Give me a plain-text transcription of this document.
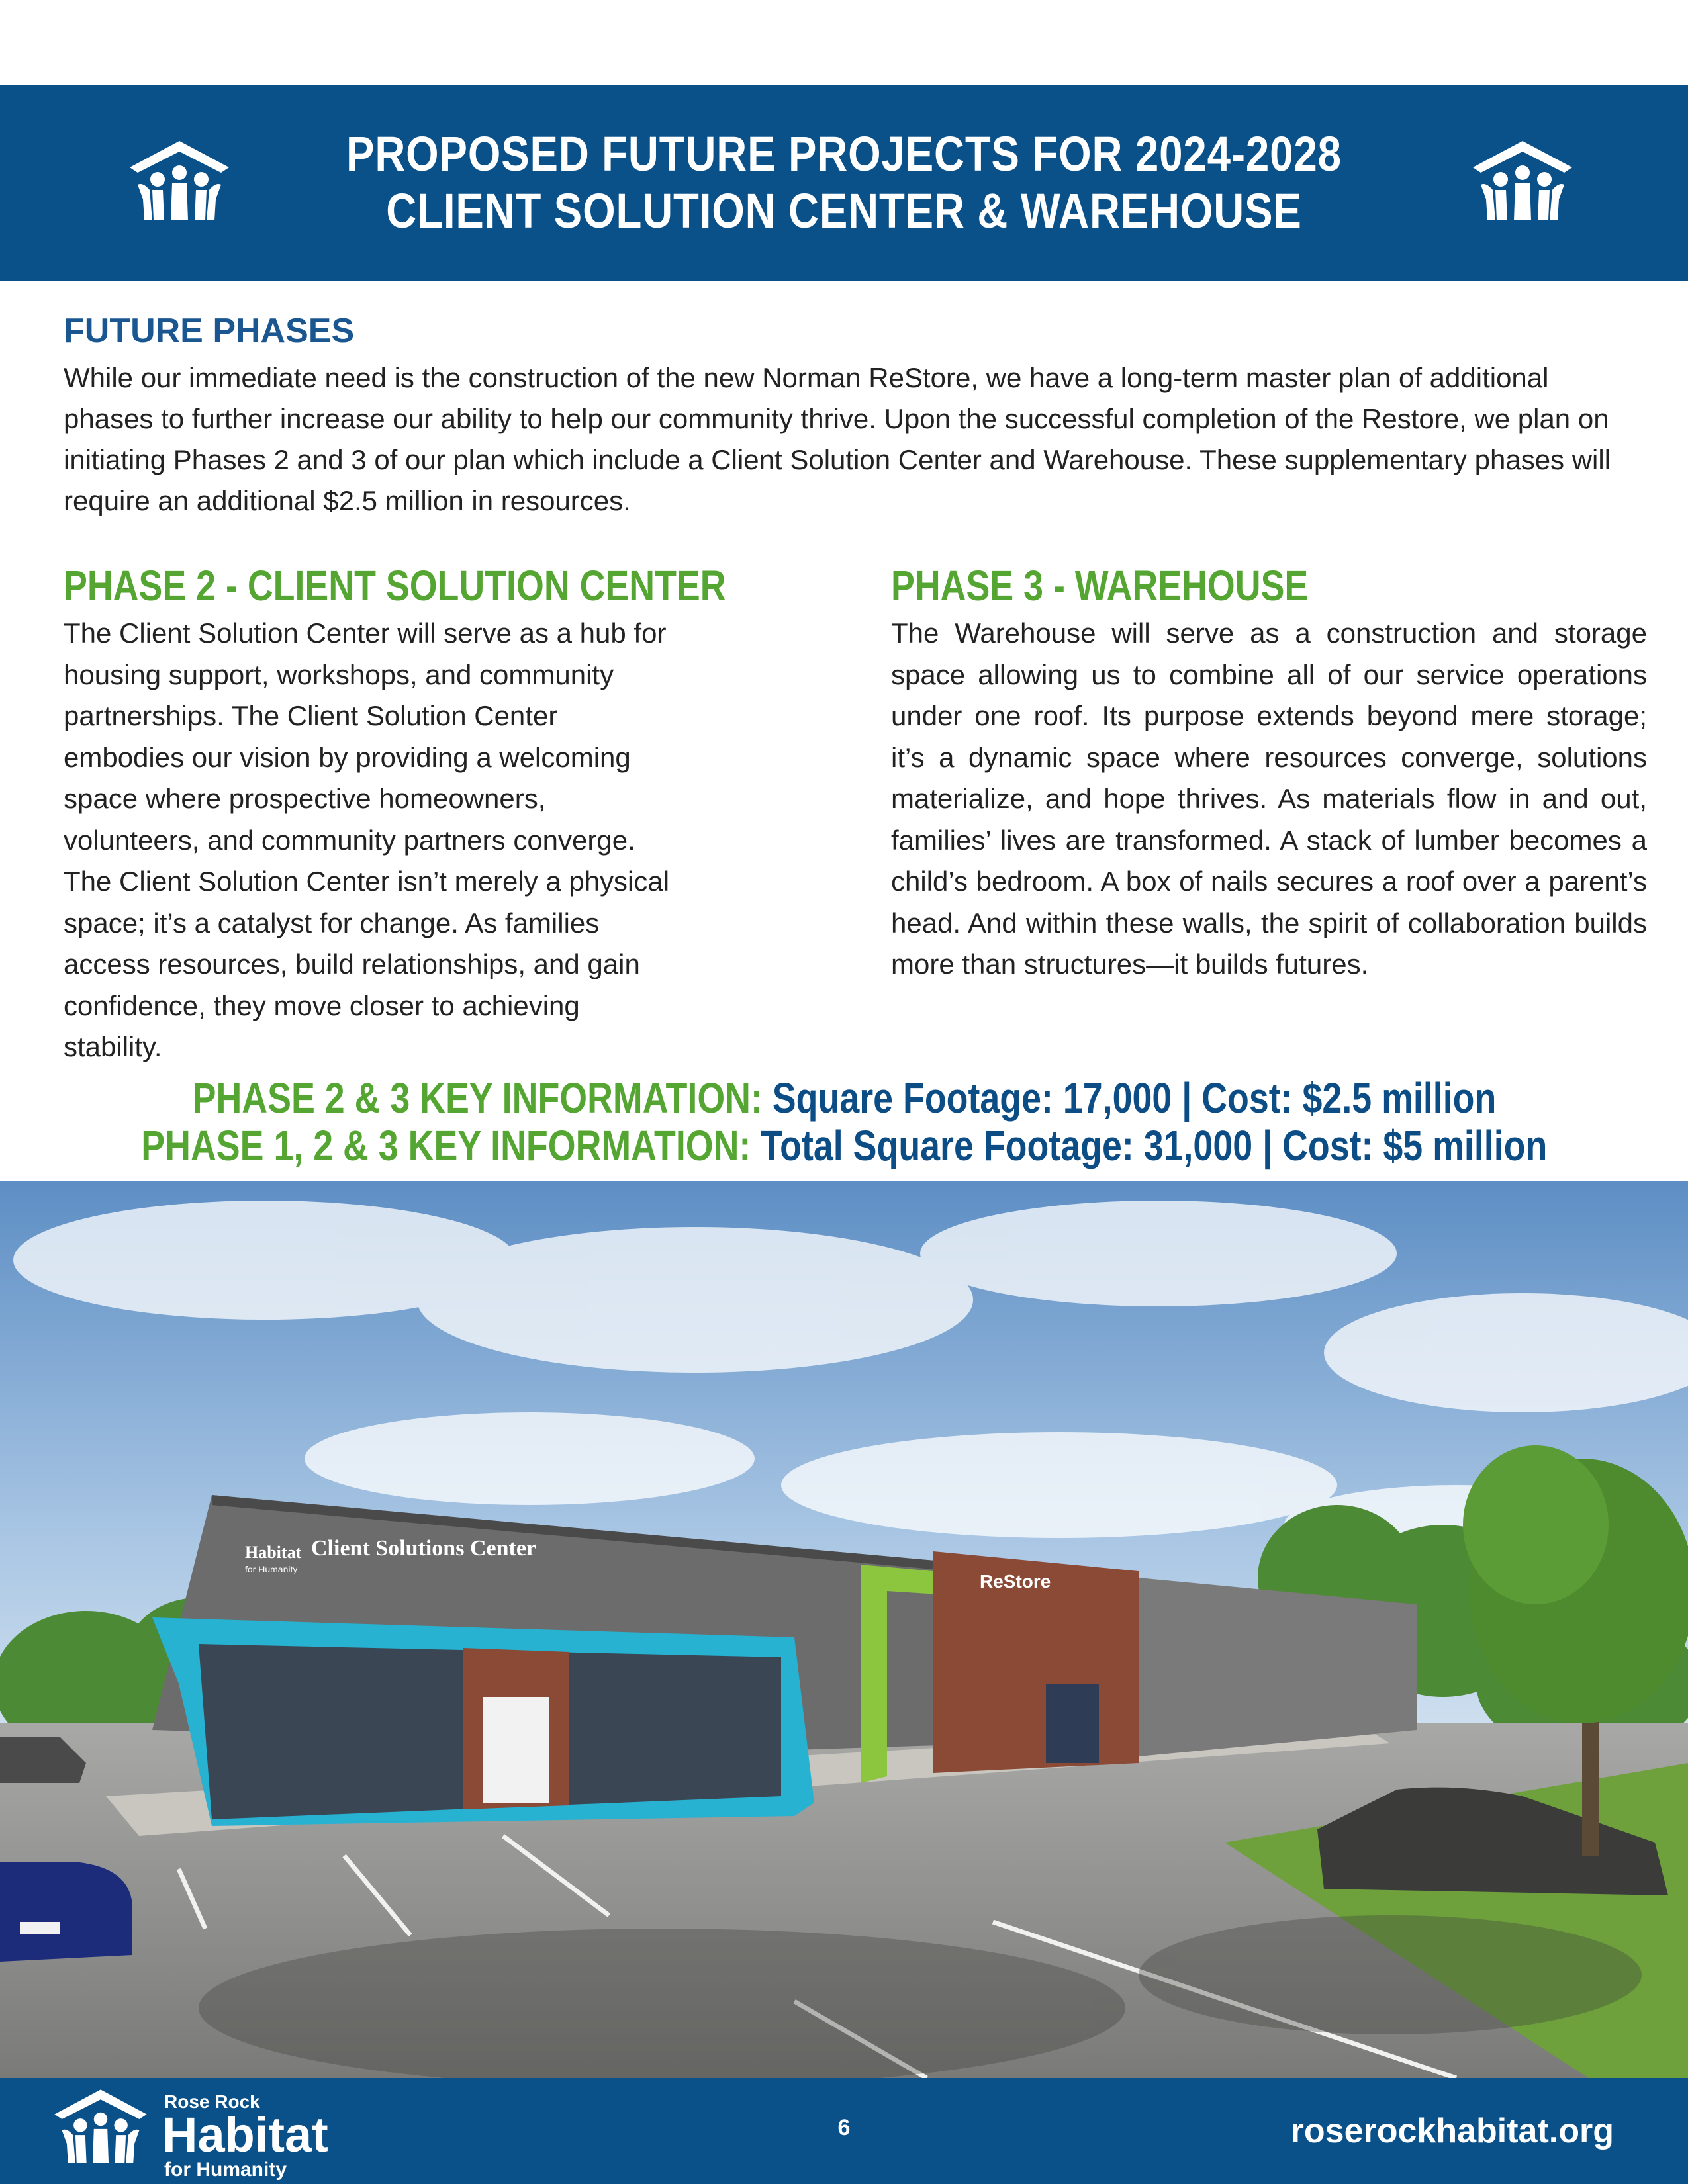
PROPOSED FUTURE PROJECTS FOR 2024-2028
CLIENT SOLUTION CENTER & WAREHOUSE
FUTURE PHASES
While our immediate need is the construction of the new Norman ReStore, we have a long-term master plan of additional phases to further increase our ability to help our community thrive. Upon the successful completion of the Restore, we plan on initiating Phases 2 and 3 of our plan which include a Client Solution Center and Warehouse. These supplementary phases will require an additional $2.5 million in resources.
PHASE 2 - CLIENT SOLUTION CENTER
The Client Solution Center will serve as a hub for housing support, workshops, and community partnerships. The Client Solution Center embodies our vision by providing a welcoming space where prospective homeowners, volunteers, and community partners converge. The Client Solution Center isn’t merely a physical space; it’s a catalyst for change. As families access resources, build relationships, and gain confidence, they move closer to achieving stability.
PHASE 3 - WAREHOUSE
The Warehouse will serve as a construction and storage space allowing us to combine all of our service operations under one roof. Its purpose extends beyond mere storage; it’s a dynamic space where resources converge, solutions materialize, and hope thrives. As materials flow in and out, families’ lives are transformed. A stack of lumber becomes a child’s bedroom. A box of nails secures a roof over a parent’s head. And within these walls, the spirit of collaboration builds more than structures—it builds futures.
PHASE 2 & 3 KEY INFORMATION: Square Footage: 17,000 | Cost: $2.5 million
PHASE 1, 2 & 3 KEY INFORMATION: Total Square Footage: 31,000 | Cost: $5 million
Habitat
for Humanity
Client Solutions Center
ReStore
Rose Rock
Habitat
for Humanity
6	roserockhabitat.org
